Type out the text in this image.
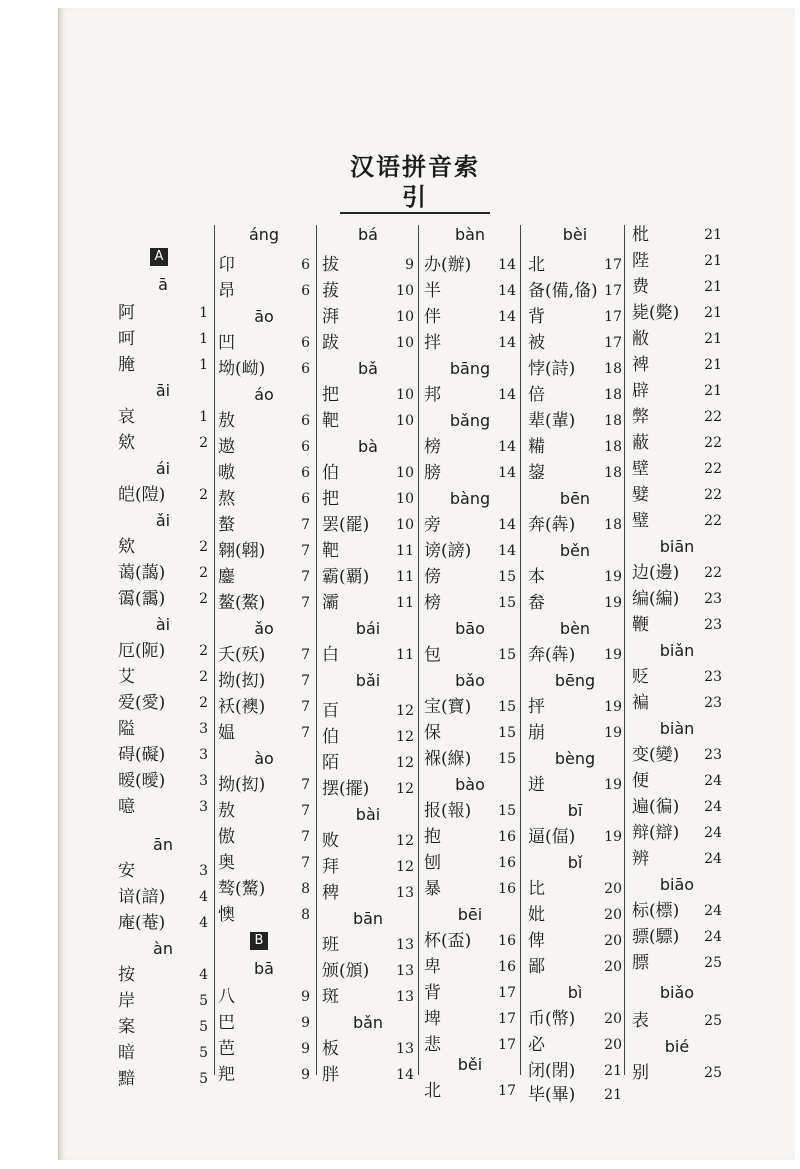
汉语拼音索引
A
ā
阿	1
呵	1
腌	1
āi
哀	1
欸	2
ái
皑(隑) 2
ǎi
欸	2
蔼(藹) 2
霭(靄) 2
ài
厄(阨) 2
艾	2
爱(愛) 2
隘	3
碍(礙) 3
暧(曖) 3
噫	3
ān
安	3
谙(諳) 4
庵(菴) 4
àn
按	4
岸	5
案	5
暗	5
黯	5
áng
卬	6
昂	6
āo
凹	6
坳(岰)	6
áo
敖	6
遨	6
嗷	6
熬	6
螯	7
翱(翺)	7
鏖	7
鳌(鰲)	7
ǎo
夭(殀)	7
拗(抝)	7
袄(襖)	7
媪	7
ào
拗(抝)	7
敖	7
傲	7
奥	7
骜(驁)	8
懊	8
B
bā
八	9
巴	9
芭	9
羓	9
bá
拔	9
菝	10
湃	10
跋	10
bǎ
把	10
靶	10
bà
伯	10
把	10
罢(罷) 10
靶	11
霸(覇) 11
灞	11
bái
白	11
bǎi
百	12
伯	12
陌	12
摆(擺) 12
bài
败	12
拜	12
稗	13
bān
班	13
颁(頒) 13
斑	13
bǎn
板	13
胖	14
bàn
办(辦) 14
半	14
伴	14
拌	14
bāng
邦	14
bǎng
榜	14
膀	14
bàng
旁	14
谤(謗) 14
傍	15
榜	15
bāo
包	15
bǎo
宝(寶) 15
保	15
褓(緥) 15
bào
报(報) 15
抱	16
刨	16
暴	16
bēi
杯(盃) 16
卑	16
背	17
埤	17
悲	17
běi
北	17
bèi
北	17
备(備,俻) 17
背	17
被	17
悖(詩) 18
倍	18
辈(輩) 18
糒	18
鋆	18
bēn
奔(犇) 18
běn
本	19
畚	19
bèn
奔(犇) 19
bēng
抨	19
崩	19
bèng
迸	19
bī
逼(偪) 19
bǐ
比	20
妣	20
俾	20
鄙	20
bì
币(幣) 20
必	20
闭(閉) 21
毕(畢) 21
枇	21
陛	21
费	21
毙(斃) 21
敝	21
裨	21
辟	21
弊	22
蔽	22
壁	22
嬖	22
璧	22
biān
边(邊) 22
编(編) 23
鞭	23
biǎn
贬	23
褊	23
biàn
变(變) 23
便	24
遍(徧) 24
辩(辯) 24
辨	24
biāo
标(標) 24
骠(驃) 24
膘	25
biǎo
表	25
bié
别	25
